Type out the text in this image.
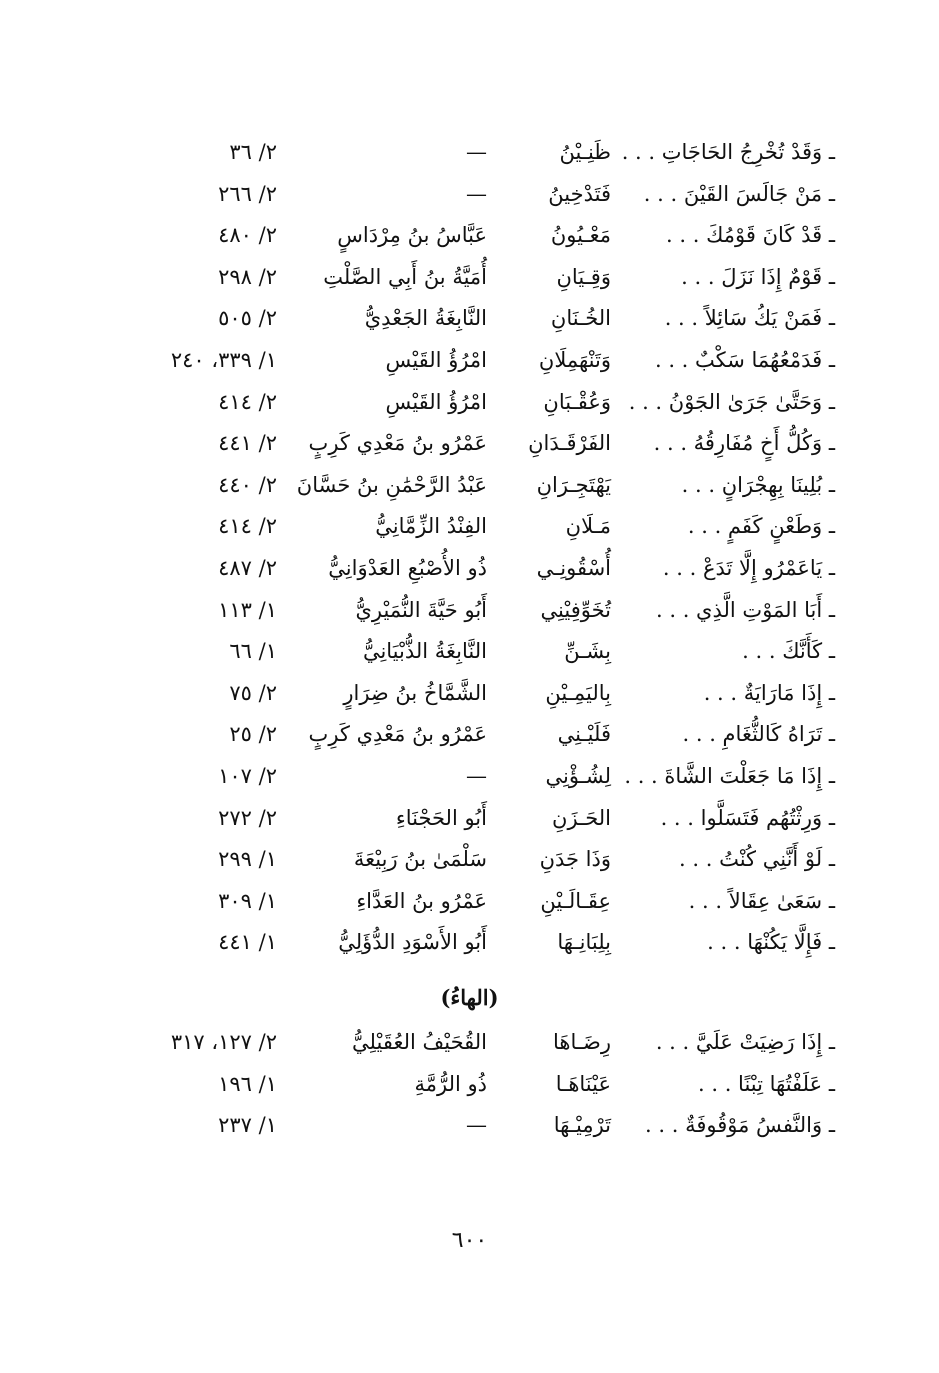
ـ وَقَدْ تُخْرِجُ الحَاجَاتِ . . .
ظَنِـيْنُ
—
٢/ ٣٦
ـ مَنْ جَالَسَ القَيْنَ . . .
فَتَدْخِينُ
—
٢/ ٢٦٦
ـ قَدْ كَانَ قَوْمُكَ . . .
مَعْـيُونُ
عَبَّاسُ بنُ مِرْدَاسٍ
٢/ ٤٨٠
ـ قَوْمٌ إِذَا نَزَلَ . . .
وَقِـيَانِ
أُمَيَّةُ بنُ أَبِي الصَّلْتِ
٢/ ٢٩٨
ـ فَمَنْ يَكُ سَائِلاً . . .
الخُـنَانِ
النَّابِغَةُ الجَعْدِيُّ
٢/ ٥٠٥
ـ فَدَمْعُهُمَا سَكْبٌ . . .
وَتَنْهَمِلَانِ
امْرُؤُ القَيْسِ
١/ ٣٣٩، ٢٤٠
ـ وَحَتَّىٰ جَرَىٰ الجَوْنُ . . .
وَعُقْـبَانِ
امْرُؤُ القَيْسِ
٢/ ٤١٤
ـ وَكُلُّ أَخٍ مُفَارِقُهُ . . .
الفَرْقَـدَانِ
عَمْرُو بنُ مَعْدِي كَرِبٍ
٢/ ٤٤١
ـ بُلِينَا بِهِجْرَانٍ . . .
يَهْتَجِـرَانِ
عَبْدُ الرَّحْمَٰنِ بنُ حَسَّانَ
٢/ ٤٤٠
ـ وَطَعْنٍ كَفَمٍ . . .
مَـلَانِ
الفِنْدُ الزِّمَّانِيُّ
٢/ ٤١٤
ـ يَاعَمْرُو إِلَّا تَدَعْ . . .
أُسْقُونِـي
ذُو الأُصْبُعِ العَدْوَانِيُّ
٢/ ٤٨٧
ـ أَبَا المَوْتِ الَّذِي . . .
تُخَوِّفِيْنِي
أَبُو حَيَّةَ النُّمَيْرِيُّ
١/ ١١٣
ـ كَأَنَّكَ . . .
بِشَـنِّ
النَّابِغَةُ الذُّبْيَانِيُّ
١/ ٦٦
ـ إِذَا مَارَايَةٌ . . .
بِاليَمِـيْنِ
الشَّمَّاخُ بنُ ضِرَارٍ
٢/ ٧٥
ـ تَرَاهُ كَالثُّغَامِ . . .
فَلَيْـنِي
عَمْرُو بنُ مَعْدِي كَرِبٍ
٢/ ٢٥
ـ إِذَا مَا جَعَلْتَ الشَّاةَ . . .
لِشُـؤْنِي
—
٢/ ١٠٧
ـ وَرِثْتُهُم فَتَسَلَّوا . . .
الحَـزَنِ
أَبُو الحَجْنَاءِ
٢/ ٢٧٢
ـ لَوْ أَنَّنِي كُنْتُ . . .
وَذَا جَدَنِ
سَلْمَىٰ بنُ رَبِيْعَةَ
١/ ٢٩٩
ـ سَعَىٰ عِقَالاً . . .
عِقَـالَـيْنِ
عَمْرُو بنُ العَدَّاءِ
١/ ٣٠٩
ـ فَإِلَّا يَكُنْهَا . . .
بِلِبَانِـهَا
أَبُو الأَسْوَدِ الدُّؤَلِيُّ
١/ ٤٤١
(الهاءُ)
ـ إِذَا رَضِيَتْ عَلَيَّ . . .
رِضَـاهَا
القُحَيْفُ العُقَيْلِيُّ
٢/ ١٢٧، ٣١٧
ـ عَلَفْتُهَا تِبْنًا . . .
عَيْنَاهَـا
ذُو الرُّمَّةِ
١/ ١٩٦
ـ وَالنَّفسُ مَوْقُوفَةٌ . . .
تَرْمِيْـهَا
—
١/ ٢٣٧
٦٠٠
